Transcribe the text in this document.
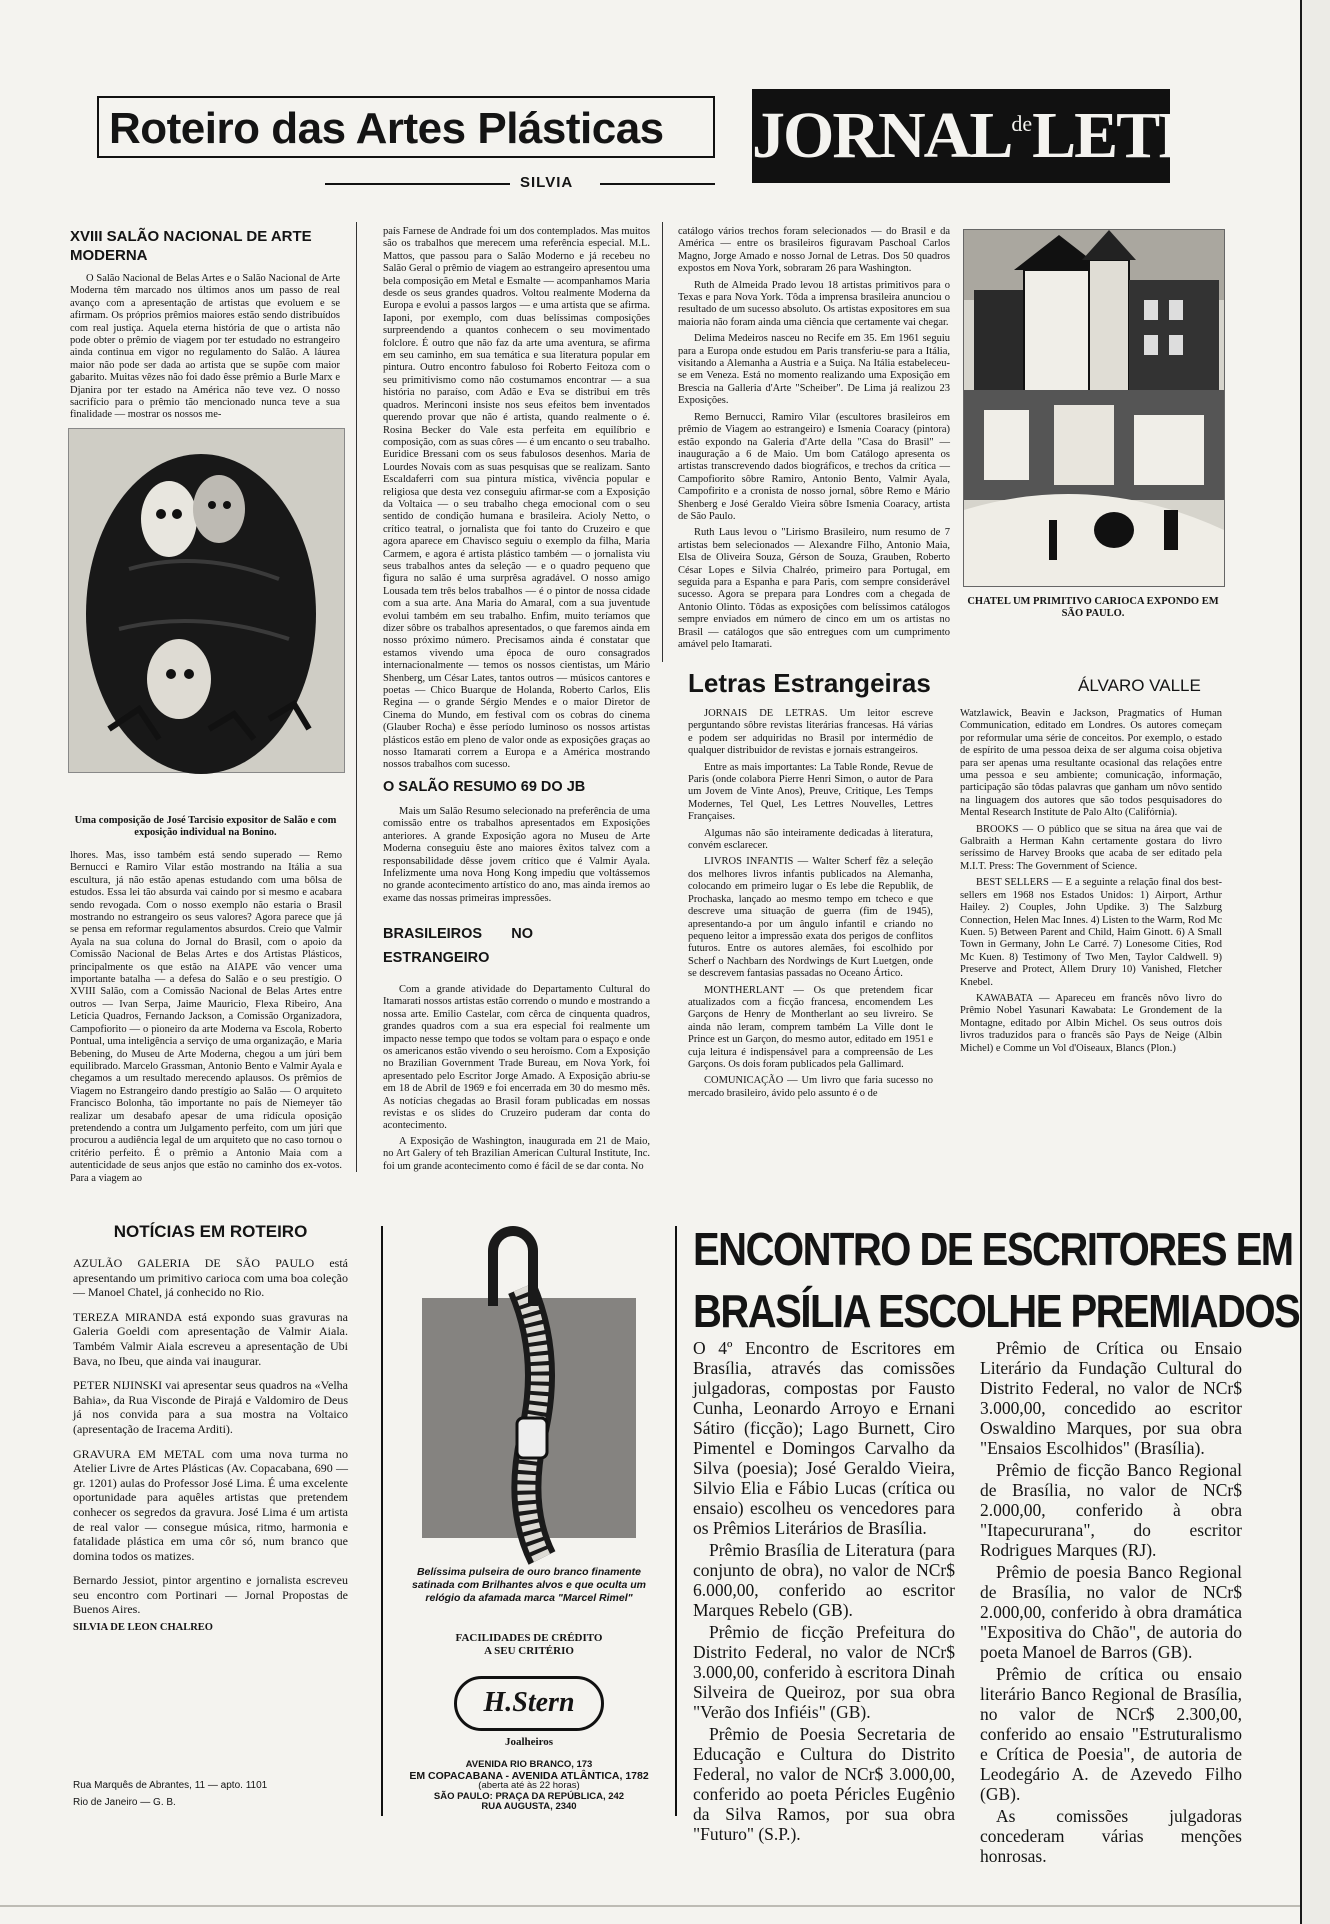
Roteiro das Artes Plásticas
SILVIA
JORNALdeLETRAS
XVIII SALÃO NACIONAL DE ARTE MODERNA

O Salão Nacional de Belas Artes e o Salão Nacional de Arte Moderna têm marcado nos últimos anos um passo de real avanço com a apresentação de artistas que evoluem e se afirmam. Os próprios prêmios maiores estão sendo distribuídos com real justiça. Aquela eterna história de que o artista não pode obter o prêmio de viagem por ter estudado no estrangeiro ainda continua em vigor no regulamento do Salão. A láurea maior não pode ser dada ao artista que se supõe com maior gabarito. Muitas vêzes não foi dado êsse prêmio a Burle Marx e Djanira por ter estado na América não teve vez. O nosso sacrifício para o prêmio tão mencionado nunca teve a sua finalidade — mostrar os nossos me-

Uma composição de José Tarcisio expositor de Salão e com exposição individual na Bonino.

lhores. Mas, isso também está sendo superado — Remo Bernucci e Ramiro Vilar estão mostrando na Itália a sua escultura, já não estão apenas estudando com uma bôlsa de estudos. Essa lei tão absurda vai caindo por si mesmo e acabara sendo revogada. Com o nosso exemplo não estaria o Brasil mostrando no estrangeiro os seus valores? Agora parece que já se pensa em reformar regulamentos absurdos. Creio que Valmir Ayala na sua coluna do Jornal do Brasil, com o apoio da Comissão Nacional de Belas Artes e dos Artistas Plásticos, principalmente os que estão na AIAPE vão vencer uma importante batalha — a defesa do Salão e o seu prestígio. O XVIII Salão, com a Comissão Nacional de Belas Artes entre outros — Ivan Serpa, Jaime Mauricio, Flexa Ribeiro, Ana Letícia Quadros, Fernando Jackson, a Comissão Organizadora, Campofiorito — o pioneiro da arte Moderna va Escola, Roberto Pontual, uma inteligência a serviço de uma organização, e Maria Bebening, do Museu de Arte Moderna, chegou a um júri bem equilibrado. Marcelo Grassman, Antonio Bento e Valmir Ayala e chegamos a um resultado merecendo aplausos. Os prêmios de Viagem no Estrangeiro dando prestígio ao Salão — O arquiteto Francisco Bolonha, tão importante no país de Niemeyer tão realizar um desabafo apesar de uma ridícula oposição pretendendo a contra um Julgamento perfeito, com um júri que procurou a audiência legal de um arquiteto que no caso tornou o critério perfeito. É o prêmio a Antonio Maia com a autenticidade de seus anjos que estão no caminho dos ex-votos. Para a viagem ao

país Farnese de Andrade foi um dos contemplados. Mas muitos são os trabalhos que merecem uma referência especial. M.L. Mattos, que passou para o Salão Moderno e já recebeu no Salão Geral o prêmio de viagem ao estrangeiro apresentou uma bela composição em Metal e Esmalte — acompanhamos Maria desde os seus grandes quadros. Voltou realmente Moderna da Europa e evolui a passos largos — e uma artista que se afirma. Iaponi, por exemplo, com duas belíssimas composições surpreendendo a quantos conhecem o seu movimentado folclore. É outro que não faz da arte uma aventura, se afirma em seu caminho, em sua temática e sua literatura popular em pintura. Outro encontro fabuloso foi Roberto Feitoza com o seu primitivismo como não costumamos encontrar — a sua história no paraíso, com Adão e Eva se distribui em três quadros. Merinconi insiste nos seus efeitos bem inventados querendo provar que não é artista, quando realmente o é. Rosina Becker do Vale esta perfeita em equilíbrio e composição, com as suas côres — é um encanto o seu trabalho. Euridice Bressani com os seus fabulosos desenhos. Maria de Lourdes Novais com as suas pesquisas que se realizam. Santo Escaldaferri com sua pintura mística, vivência popular e religiosa que desta vez conseguiu afirmar-se com a Exposição da Voltaica — o seu trabalho chega emocional com o seu sentido de condição humana e brasileira. Acioly Netto, o crítico teatral, o jornalista que foi tanto do Cruzeiro e que agora aparece em Chavisco seguiu o exemplo da filha, Maria Carmem, e agora é artista plástico também — o jornalista viu seus trabalhos antes da seleção — e o quadro pequeno que figura no salão é uma surprêsa agradável. O nosso amigo Lousada tem três belos trabalhos — é o pintor de nossa cidade com a sua arte. Ana Maria do Amaral, com a sua juventude evolui também em seu trabalho. Enfim, muito teríamos que dizer sôbre os trabalhos apresentados, o que faremos ainda em nosso próximo número. Precisamos ainda é constatar que estamos vivendo uma época de ouro consagrados internacionalmente — temos os nossos cientistas, um Mário Shenberg, um César Lates, tantos outros — músicos cantores e poetas — Chico Buarque de Holanda, Roberto Carlos, Elis Regina — o grande Sérgio Mendes e o maior Diretor de Cinema do Mundo, em festival com os cobras do cinema (Glauber Rocha) e êsse período luminoso os nossos artistas plásticos estão em pleno de valor onde as exposições graças ao nosso Itamarati correm a Europa e a América mostrando nossos trabalhos com sucesso.

O SALÃO RESUMO 69 DO JB

Mais um Salão Resumo selecionado na preferência de uma comissão entre os trabalhos apresentados em Exposições anteriores. A grande Exposição agora no Museu de Arte Moderna conseguiu êste ano maiores êxitos talvez com a responsabilidade dêsse jovem crítico que é Valmir Ayala. Infelizmente uma nova Hong Kong impediu que voltássemos no grande acontecimento artístico do ano, mas ainda iremos ao exame das nossas primeiras impressões.

BRASILEIROS NO ESTRANGEIRO

Com a grande atividade do Departamento Cultural do Itamarati nossos artistas estão correndo o mundo e mostrando a nossa arte. Emilio Castelar, com cêrca de cinquenta quadros, grandes quadros com a sua era especial foi realmente um impacto nesse tempo que todos se voltam para o espaço e onde os americanos estão vivendo o seu heroísmo. Com a Exposição no Brazilian Government Trade Bureau, em Nova York, foi apresentado pelo Escritor Jorge Amado. A Exposição abriu-se em 18 de Abril de 1969 e foi encerrada em 30 do mesmo mês. As notícias chegadas ao Brasil foram publicadas em nossas revistas e os slides do Cruzeiro puderam dar conta do acontecimento.

A Exposição de Washington, inaugurada em 21 de Maio, no Art Galery of teh Brazilian American Cultural Institute, Inc. foi um grande acontecimento como é fácil de se dar conta. No

catálogo vários trechos foram selecionados — do Brasil e da América — entre os brasileiros figuravam Paschoal Carlos Magno, Jorge Amado e nosso Jornal de Letras. Dos 50 quadros expostos em Nova York, sobraram 26 para Washington.

Ruth de Almeida Prado levou 18 artistas primitivos para o Texas e para Nova York. Tôda a imprensa brasileira anunciou o resultado de um sucesso absoluto. Os artistas expositores em sua maioria não foram ainda uma ciência que certamente vai chegar.

Delima Medeiros nasceu no Recife em 35. Em 1961 seguiu para a Europa onde estudou em Paris transferiu-se para a Itália, visitando a Alemanha a Austria e a Suiça. Na Itália estabeleceu-se em Veneza. Está no momento realizando uma Exposição em Brescia na Galleria d'Arte "Scheiber". De Lima já realizou 23 Exposições.

Remo Bernucci, Ramiro Vilar (escultores brasileiros em prêmio de Viagem ao estrangeiro) e Ismenia Coaracy (pintora) estão expondo na Galeria d'Arte della "Casa do Brasil" — inauguração a 6 de Maio. Um bom Catálogo apresenta os artistas transcrevendo dados biográficos, e trechos da crítica — Campofiorito sôbre Ramiro, Antonio Bento, Valmir Ayala, Campofirito e a cronista de nosso jornal, sôbre Remo e Mário Shenberg e José Geraldo Vieira sôbre Ismenia Coaracy, artista de São Paulo.

Ruth Laus levou o "Lirismo Brasileiro, num resumo de 7 artistas bem selecionados — Alexandre Filho, Antonio Maia, Elsa de Oliveira Souza, Gérson de Souza, Grauben, Roberto César Lopes e Silvia Chalréo, primeiro para Portugal, em seguida para a Espanha e para Paris, com sempre considerável sucesso. Agora se prepara para Londres com a chegada de Antonio Olinto. Tôdas as exposições com belíssimos catálogos sempre enviados em número de cinco em um os artistas no Brasil — catálogos que são entregues com um cumprimento amável pelo Itamarati.

CHATEL UM PRIMITIVO CARIOCA EXPONDO EM SÃO PAULO.
Letras Estrangeiras	ÁLVARO VALLE

JORNAIS DE LETRAS. Um leitor escreve perguntando sôbre revistas literárias francesas. Há várias e podem ser adquiridas no Brasil por intermédio de qualquer distribuidor de revistas e jornais estrangeiros.

Entre as mais importantes: La Table Ronde, Revue de Paris (onde colabora Pierre Henri Simon, o autor de Para um Jovem de Vinte Anos), Preuve, Critique, Les Temps Modernes, Tel Quel, Les Lettres Nouvelles, Lettres Françaises.

Algumas não são inteiramente dedicadas à literatura, convém esclarecer.

LIVROS INFANTIS — Walter Scherf fêz a seleção dos melhores livros infantis publicados na Alemanha, colocando em primeiro lugar o Es lebe die Republik, de Prochaska, lançado ao mesmo tempo em tcheco e que descreve uma situação de guerra (fim de 1945), apresentando-a por um ângulo infantil e criando no pequeno leitor a impressão exata dos perigos de conflitos futuros. Entre os autores alemães, foi escolhido por Scherf o Nachbarn des Nordwings de Kurt Luetgen, onde se descrevem fantasias passadas no Oceano Ártico.

MONTHERLANT — Os que pretendem ficar atualizados com a ficção francesa, encomendem Les Garçons de Henry de Montherlant ao seu livreiro. Se ainda não leram, comprem também La Ville dont le Prince est un Garçon, do mesmo autor, editado em 1951 e cuja leitura é indispensável para a compreensão de Les Garçons. Os dois foram publicados pela Gallimard.

COMUNICAÇÃO — Um livro que faria sucesso no mercado brasileiro, ávido pelo assunto é o de

Watzlawick, Beavin e Jackson, Pragmatics of Human Communication, editado em Londres. Os autores começam por reformular uma série de conceitos. Por exemplo, o estado de espírito de uma pessoa deixa de ser alguma coisa objetiva para ser apenas uma resultante ocasional das relações entre uma pessoa e seu ambiente; comunicação, informação, participação são tôdas palavras que ganham um nôvo sentido na linguagem dos autores que são todos pesquisadores do Mental Research Institute de Palo Alto (Califórnia).

BROOKS — O público que se situa na área que vai de Galbraith a Herman Kahn certamente gostara do livro seríssimo de Harvey Brooks que acaba de ser editado pela M.I.T. Press: The Government of Science.

BEST SELLERS — E a seguinte a relação final dos best-sellers em 1968 nos Estados Unidos: 1) Airport, Arthur Hailey. 2) Couples, John Updike. 3) The Salzburg Connection, Helen Mac Innes. 4) Listen to the Warm, Rod Mc Kuen. 5) Between Parent and Child, Haim Ginott. 6) A Small Town in Germany, John Le Carré. 7) Lonesome Cities, Rod Mc Kuen. 8) Testimony of Two Men, Taylor Caldwell. 9) Preserve and Protect, Allem Drury 10) Vanished, Fletcher Knebel.

KAWABATA — Apareceu em francês nôvo livro do Prêmio Nobel Yasunari Kawabata: Le Grondement de la Montagne, editado por Albin Michel. Os seus outros dois livros traduzidos para o francês são Pays de Neige (Albin Michel) e Comme un Vol d'Oiseaux, Blancs (Plon.)

NOTÍCIAS EM ROTEIRO

AZULÃO GALERIA DE SÃO PAULO está apresentando um primitivo carioca com uma boa coleção — Manoel Chatel, já conhecido no Rio.

TEREZA MIRANDA está expondo suas gravuras na Galeria Goeldi com apresentação de Valmir Aiala. Também Valmir Aiala escreveu a apresentação de Ubi Bava, no Ibeu, que ainda vai inaugurar.

PETER NIJINSKI vai apresentar seus quadros na «Velha Bahia», da Rua Visconde de Pirajá e Valdomiro de Deus já nos convida para a sua mostra na Voltaico (apresentação de Iracema Arditi).

GRAVURA EM METAL com uma nova turma no Atelier Livre de Artes Plásticas (Av. Copacabana, 690 — gr. 1201) aulas do Professor José Lima. É uma excelente oportunidade para aquêles artistas que pretendem conhecer os segredos da gravura. José Lima é um artista de real valor — consegue música, ritmo, harmonia e fatalidade plástica em uma côr só, num branco que domina todos os matizes.

Bernardo Jessiot, pintor argentino e jornalista escreveu seu encontro com Portinari — Jornal Propostas de Buenos Aires.

SILVIA DE LEON CHALREO

Rua Marquês de Abrantes, 11 — apto. 1101
Rio de Janeiro — G. B.
Belíssima pulseira de ouro branco finamente
satinada com Brilhantes alvos e que oculta um
relógio da afamada marca "Marcel Rimel"
FACILIDADES DE CRÉDITO
A SEU CRITÉRIO
H.Stern
Joalheiros
AVENIDA RIO BRANCO, 173
EM COPACABANA - AVENIDA ATLÂNTICA, 1782
(aberta até às 22 horas)
SÃO PAULO: PRAÇA DA REPÚBLICA, 242
RUA AUGUSTA, 2340
ENCONTRO DE ESCRITORES EM
BRASÍLIA ESCOLHE PREMIADOS

O 4º Encontro de Escritores em Brasília, através das comissões julgadoras, compostas por Fausto Cunha, Leonardo Arroyo e Ernani Sátiro (ficção); Lago Burnett, Ciro Pimentel e Domingos Carvalho da Silva (poesia); José Geraldo Vieira, Silvio Elia e Fábio Lucas (crítica ou ensaio) escolheu os vencedores para os Prêmios Literários de Brasília.

Prêmio Brasília de Literatura (para conjunto de obra), no valor de NCr$ 6.000,00, conferido ao escritor Marques Rebelo (GB).

Prêmio de ficção Prefeitura do Distrito Federal, no valor de NCr$ 3.000,00, conferido à escritora Dinah Silveira de Queiroz, por sua obra "Verão dos Infiéis" (GB).

Prêmio de Poesia Secretaria de Educação e Cultura do Distrito Federal, no valor de NCr$ 3.000,00, conferido ao poeta Péricles Eugênio da Silva Ramos, por sua obra "Futuro" (S.P.).

Prêmio de Crítica ou Ensaio Literário da Fundação Cultural do Distrito Federal, no valor de NCr$ 3.000,00, concedido ao escritor Oswaldino Marques, por sua obra "Ensaios Escolhidos" (Brasília).

Prêmio de ficção Banco Regional de Brasília, no valor de NCr$ 2.000,00, conferido à obra "Itapecururana", do escritor Rodrigues Marques (RJ).

Prêmio de poesia Banco Regional de Brasília, no valor de NCr$ 2.000,00, conferido à obra dramática "Expositiva do Chão", de autoria do poeta Manoel de Barros (GB).

Prêmio de crítica ou ensaio literário Banco Regional de Brasília, no valor de NCr$ 2.300,00, conferido ao ensaio "Estruturalismo e Crítica de Poesia", de autoria de Leodegário A. de Azevedo Filho (GB).

As comissões julgadoras concederam várias menções honrosas.
